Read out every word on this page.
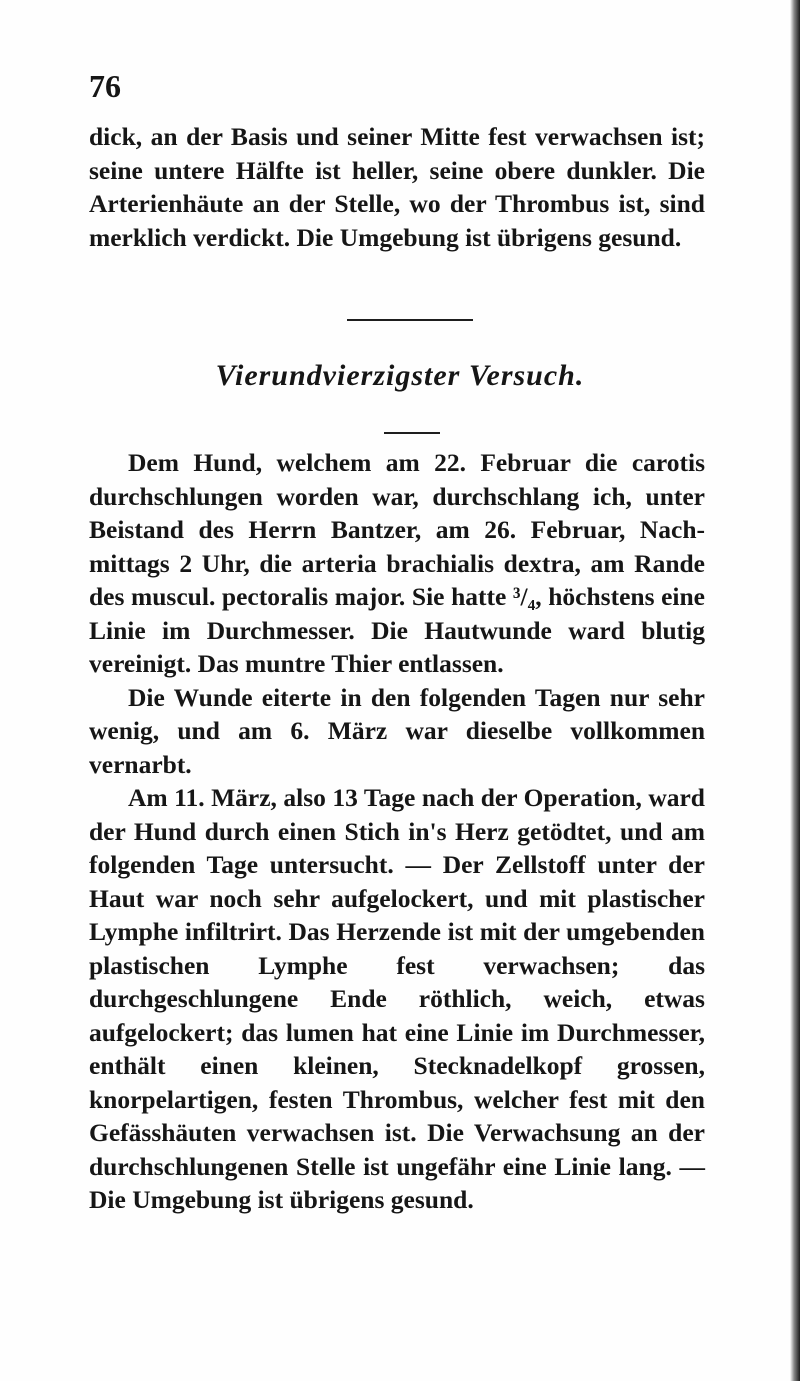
76

dick, an der Basis und seiner Mitte fest verwachsen ist; seine untere Hälfte ist heller, seine obere dunkler. Die Arterienhäute an der Stelle, wo der Thrombus ist, sind merklich verdickt. Die Umgebung ist übrigens gesund.

Vierundvierzigster Versuch.

Dem Hund, welchem am 22. Februar die carotis durchschlungen worden war, durchschlang ich, unter Beistand des Herrn Bantzer, am 26. Februar, Nachmittags 2 Uhr, die arteria brachialis dextra, am Rande des muscul. pectoralis major. Sie hatte ³/₄, höchstens eine Linie im Durchmesser. Die Hautwunde ward blutig vereinigt. Das muntre Thier entlassen.

Die Wunde eiterte in den folgenden Tagen nur sehr wenig, und am 6. März war dieselbe vollkommen vernarbt.

Am 11. März, also 13 Tage nach der Operation, ward der Hund durch einen Stich in's Herz getödtet, und am folgenden Tage untersucht. — Der Zellstoff unter der Haut war noch sehr aufgelockert, und mit plastischer Lymphe infiltrirt. Das Herzende ist mit der umgebenden plastischen Lymphe fest verwachsen; das durchgeschlungene Ende röthlich, weich, etwas aufgelockert; das lumen hat eine Linie im Durchmesser, enthält einen kleinen, Stecknadelkopf grossen, knorpelartigen, festen Thrombus, welcher fest mit den Gefässhäuten verwachsen ist. Die Verwachsung an der durchschlungenen Stelle ist ungefähr eine Linie lang. — Die Umgebung ist übrigens gesund.
